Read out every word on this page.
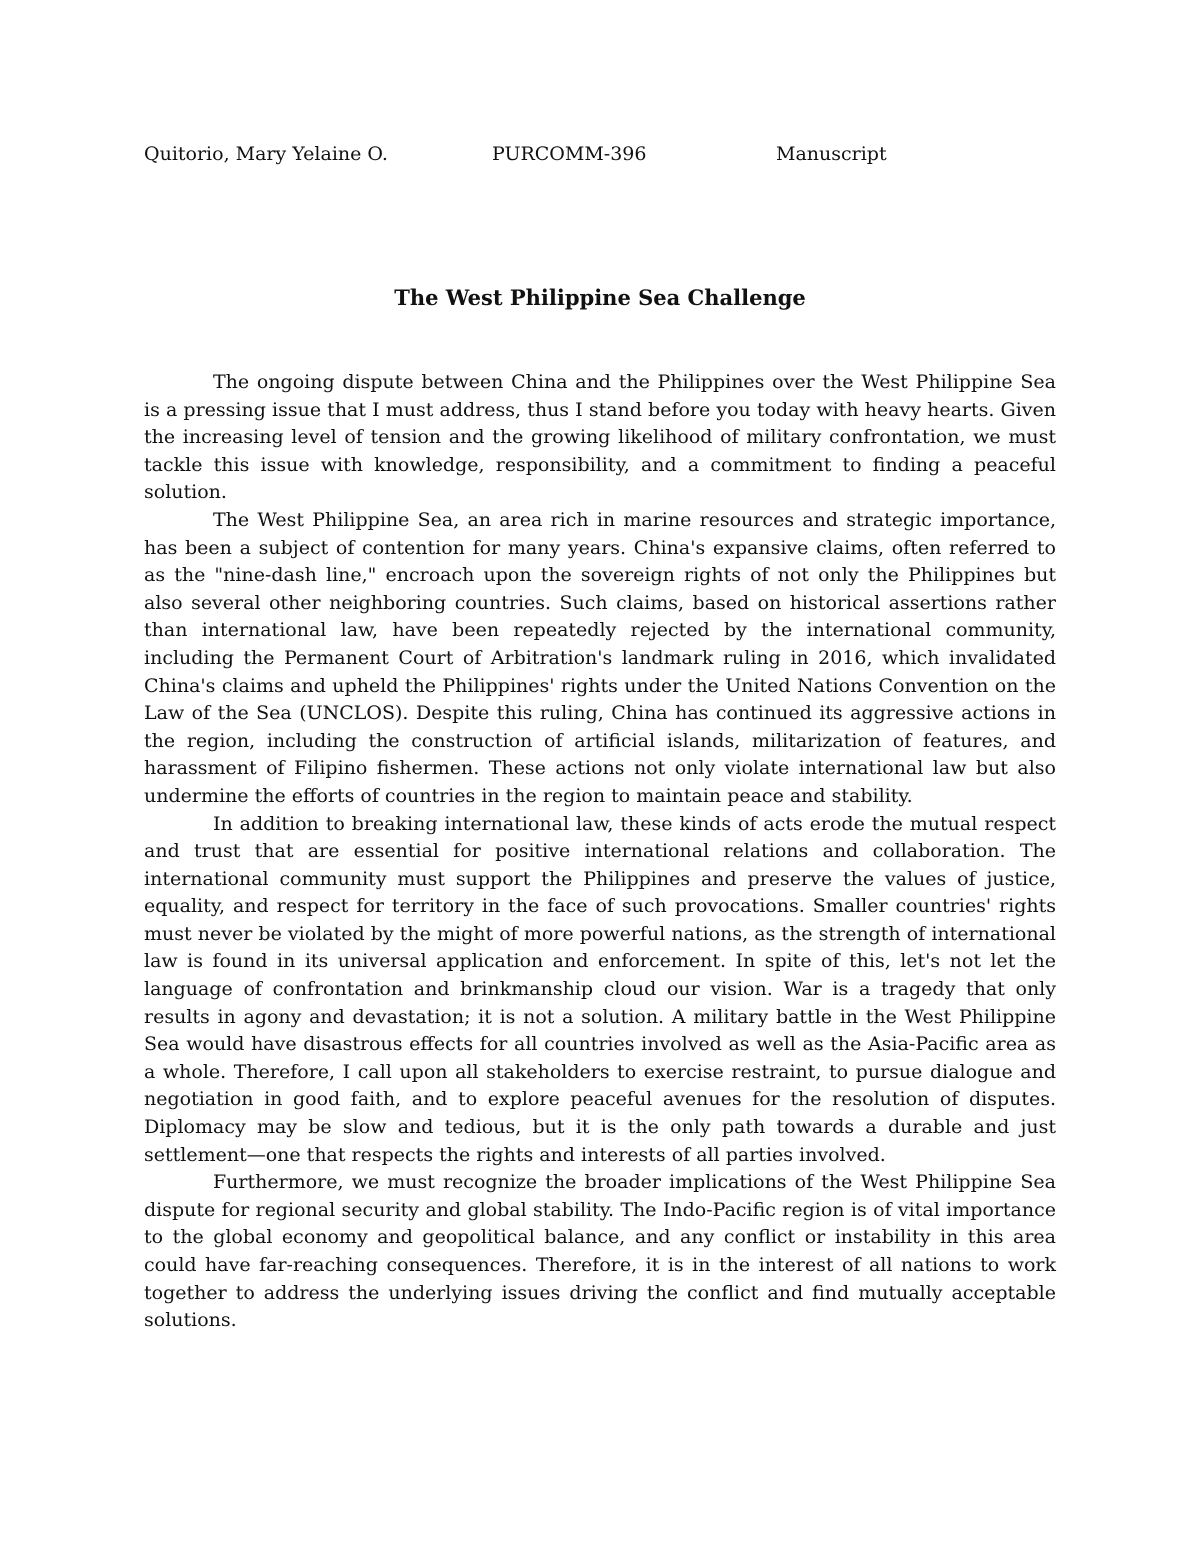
Quitorio, Mary Yelaine O.	PURCOMM-396	Manuscript
The West Philippine Sea Challenge

The ongoing dispute between China and the Philippines over the West Philippine Sea is a pressing issue that I must address, thus I stand before you today with heavy hearts. Given the increasing level of tension and the growing likelihood of military confrontation, we must tackle this issue with knowledge, responsibility, and a commitment to finding a peaceful solution.

The West Philippine Sea, an area rich in marine resources and strategic importance, has been a subject of contention for many years. China's expansive claims, often referred to as the "nine-dash line," encroach upon the sovereign rights of not only the Philippines but also several other neighboring countries. Such claims, based on historical assertions rather than international law, have been repeatedly rejected by the international community, including the Permanent Court of Arbitration's landmark ruling in 2016, which invalidated China's claims and upheld the Philippines' rights under the United Nations Convention on the Law of the Sea (UNCLOS). Despite this ruling, China has continued its aggressive actions in the region, including the construction of artificial islands, militarization of features, and harassment of Filipino fishermen. These actions not only violate international law but also undermine the efforts of countries in the region to maintain peace and stability.

In addition to breaking international law, these kinds of acts erode the mutual respect and trust that are essential for positive international relations and collaboration. The international community must support the Philippines and preserve the values of justice, equality, and respect for territory in the face of such provocations. Smaller countries' rights must never be violated by the might of more powerful nations, as the strength of international law is found in its universal application and enforcement. In spite of this, let's not let the language of confrontation and brinkmanship cloud our vision. War is a tragedy that only results in agony and devastation; it is not a solution. A military battle in the West Philippine Sea would have disastrous effects for all countries involved as well as the Asia-Pacific area as a whole. Therefore, I call upon all stakeholders to exercise restraint, to pursue dialogue and negotiation in good faith, and to explore peaceful avenues for the resolution of disputes. Diplomacy may be slow and tedious, but it is the only path towards a durable and just settlement—one that respects the rights and interests of all parties involved.

Furthermore, we must recognize the broader implications of the West Philippine Sea dispute for regional security and global stability. The Indo-Pacific region is of vital importance to the global economy and geopolitical balance, and any conflict or instability in this area could have far-reaching consequences. Therefore, it is in the interest of all nations to work together to address the underlying issues driving the conflict and find mutually acceptable solutions.
